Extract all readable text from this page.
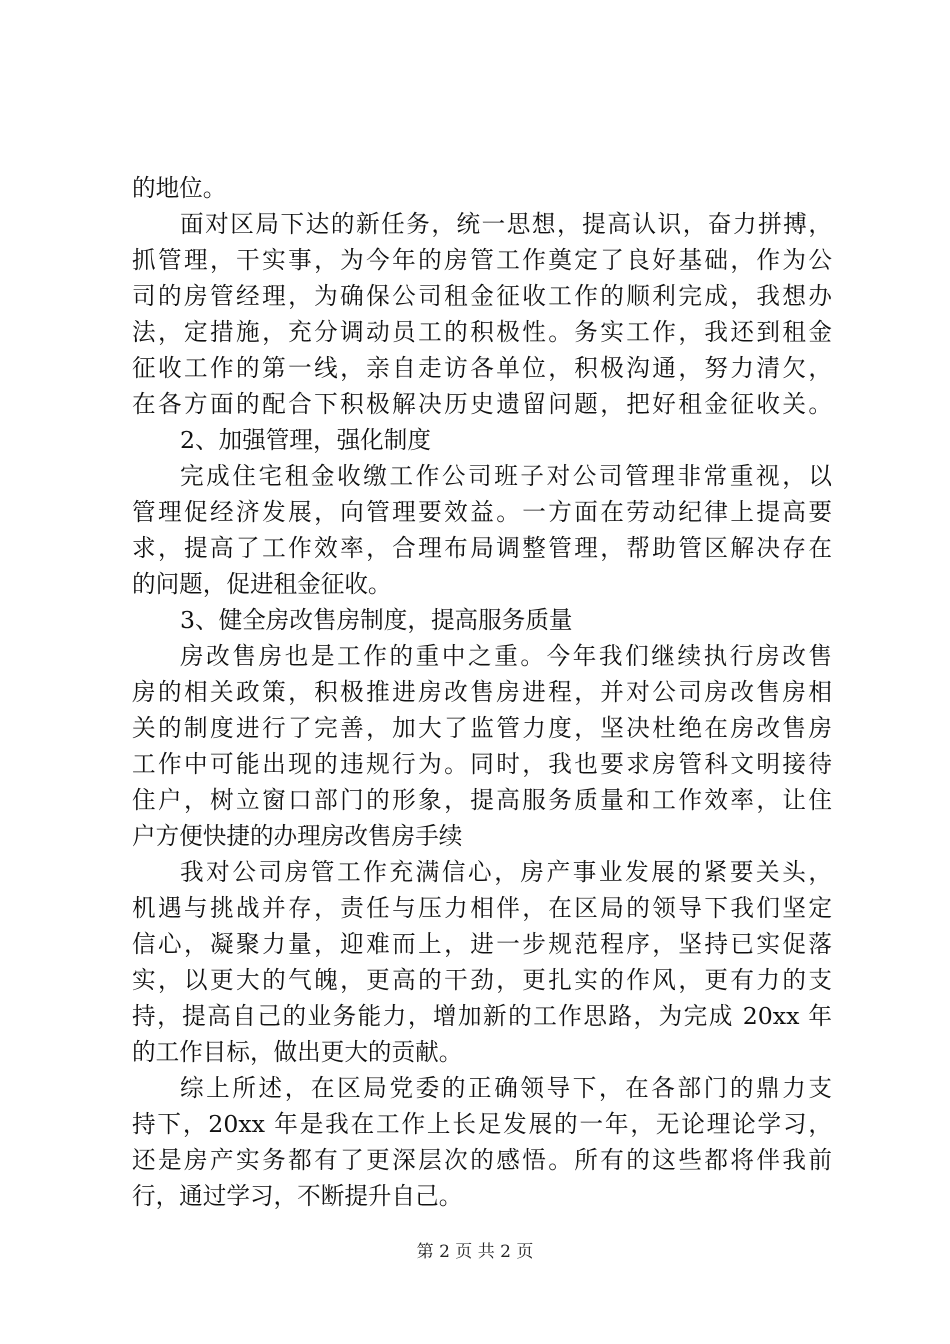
的地位。
面对区局下达的新任务，统一思想，提高认识，奋力拼搏，
抓管理，干实事，为今年的房管工作奠定了良好基础，作为公
司的房管经理，为确保公司租金征收工作的顺利完成，我想办
法，定措施，充分调动员工的积极性。务实工作，我还到租金
征收工作的第一线，亲自走访各单位，积极沟通，努力清欠，
在各方面的配合下积极解决历史遗留问题，把好租金征收关。
2、加强管理，强化制度
完成住宅租金收缴工作公司班子对公司管理非常重视，以
管理促经济发展，向管理要效益。一方面在劳动纪律上提高要
求，提高了工作效率，合理布局调整管理，帮助管区解决存在
的问题，促进租金征收。
3、健全房改售房制度，提高服务质量
房改售房也是工作的重中之重。今年我们继续执行房改售
房的相关政策，积极推进房改售房进程，并对公司房改售房相
关的制度进行了完善，加大了监管力度，坚决杜绝在房改售房
工作中可能出现的违规行为。同时，我也要求房管科文明接待
住户，树立窗口部门的形象，提高服务质量和工作效率，让住
户方便快捷的办理房改售房手续
我对公司房管工作充满信心，房产事业发展的紧要关头，
机遇与挑战并存，责任与压力相伴，在区局的领导下我们坚定
信心，凝聚力量，迎难而上，进一步规范程序，坚持已实促落
实，以更大的气魄，更高的干劲，更扎实的作风，更有力的支
持，提高自己的业务能力，增加新的工作思路，为完成 20xx 年
的工作目标，做出更大的贡献。
综上所述，在区局党委的正确领导下，在各部门的鼎力支
持下，20xx 年是我在工作上长足发展的一年，无论理论学习，
还是房产实务都有了更深层次的感悟。所有的这些都将伴我前
行，通过学习，不断提升自己。
第 2 页 共 2 页
